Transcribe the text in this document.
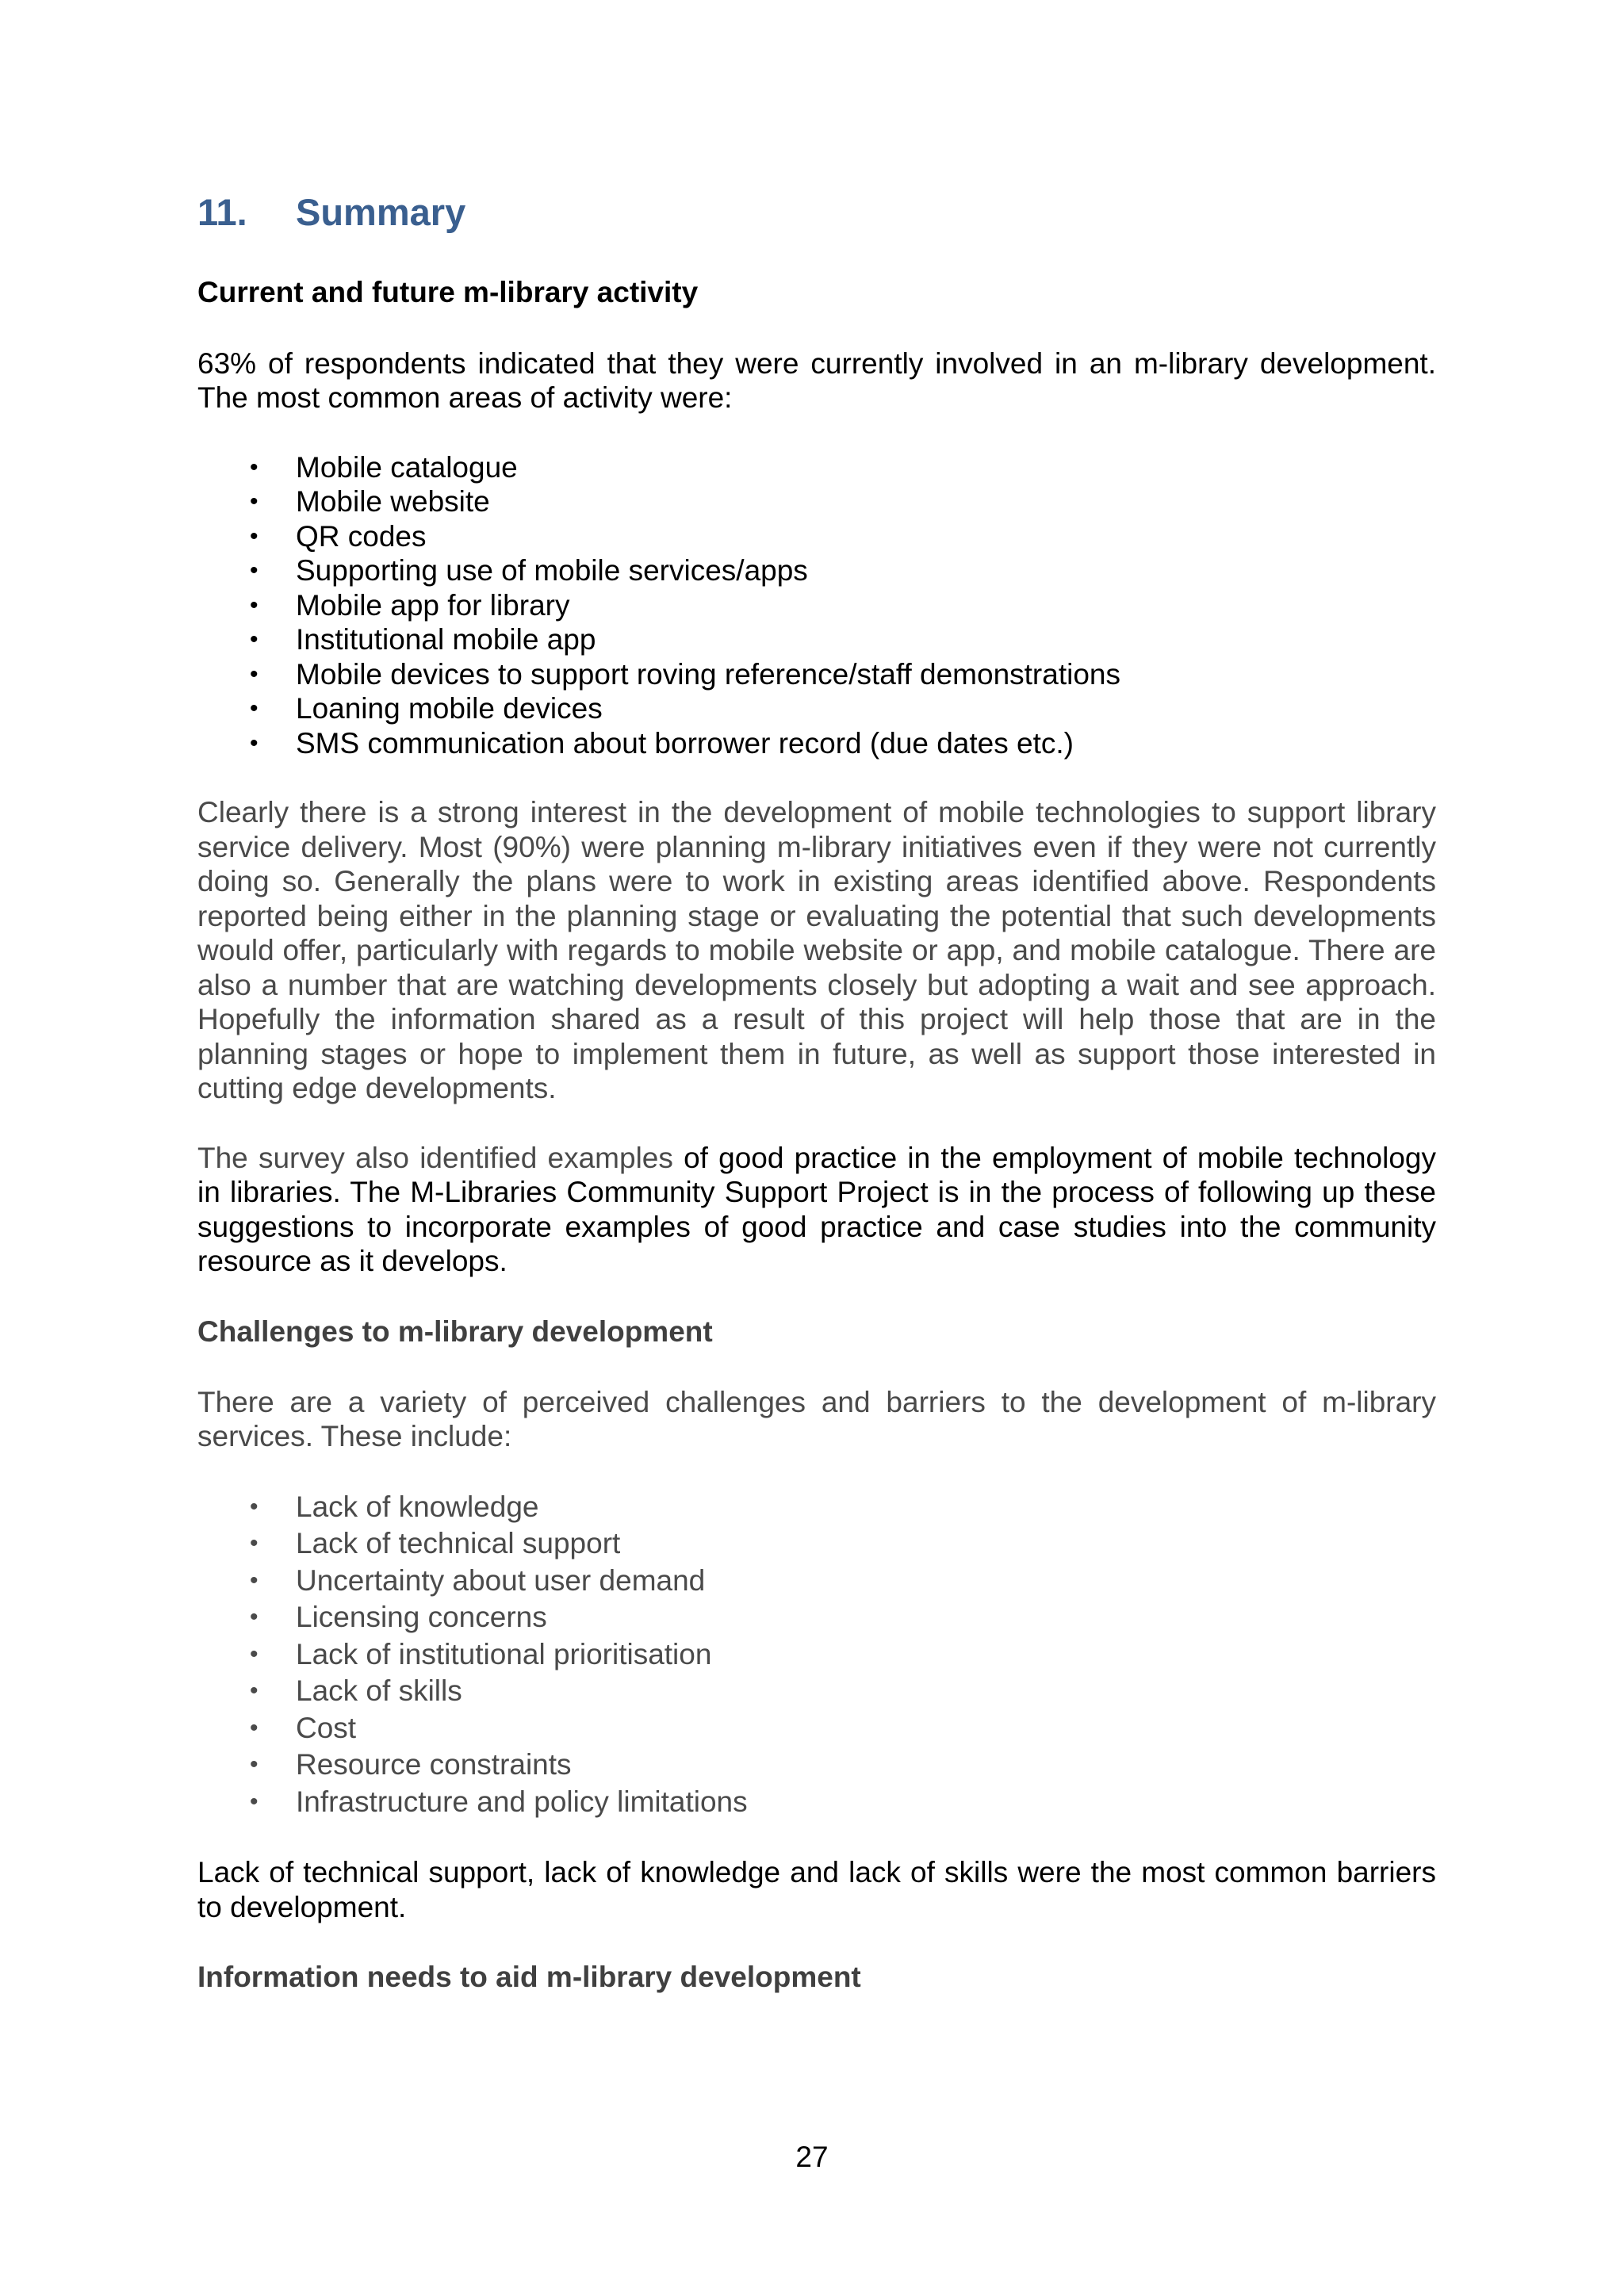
11.	Summary
Current and future m-library activity

63% of respondents indicated that they were currently involved in an m-library development. The most common areas of activity were:

• Mobile catalogue
• Mobile website
• QR codes
• Supporting use of mobile services/apps
• Mobile app for library
• Institutional mobile app
• Mobile devices to support roving reference/staff demonstrations
• Loaning mobile devices
• SMS communication about borrower record (due dates etc.)

Clearly there is a strong interest in the development of mobile technologies to support library service delivery. Most (90%) were planning m-library initiatives even if they were not currently doing so. Generally the plans were to work in existing areas identified above. Respondents reported being either in the planning stage or evaluating the potential that such developments would offer, particularly with regards to mobile website or app, and mobile catalogue. There are also a number that are watching developments closely but adopting a wait and see approach. Hopefully the information shared as a result of this project will help those that are in the planning stages or hope to implement them in future, as well as support those interested in cutting edge developments.

The survey also identified examples of good practice in the employment of mobile technology in libraries. The M-Libraries Community Support Project is in the process of following up these suggestions to incorporate examples of good practice and case studies into the community resource as it develops.

Challenges to m-library development

There are a variety of perceived challenges and barriers to the development of m-library services. These include:

• Lack of knowledge
• Lack of technical support
• Uncertainty about user demand
• Licensing concerns
• Lack of institutional prioritisation
• Lack of skills
• Cost
• Resource constraints
• Infrastructure and policy limitations

Lack of technical support, lack of knowledge and lack of skills were the most common barriers to development.

Information needs to aid m-library development
27
